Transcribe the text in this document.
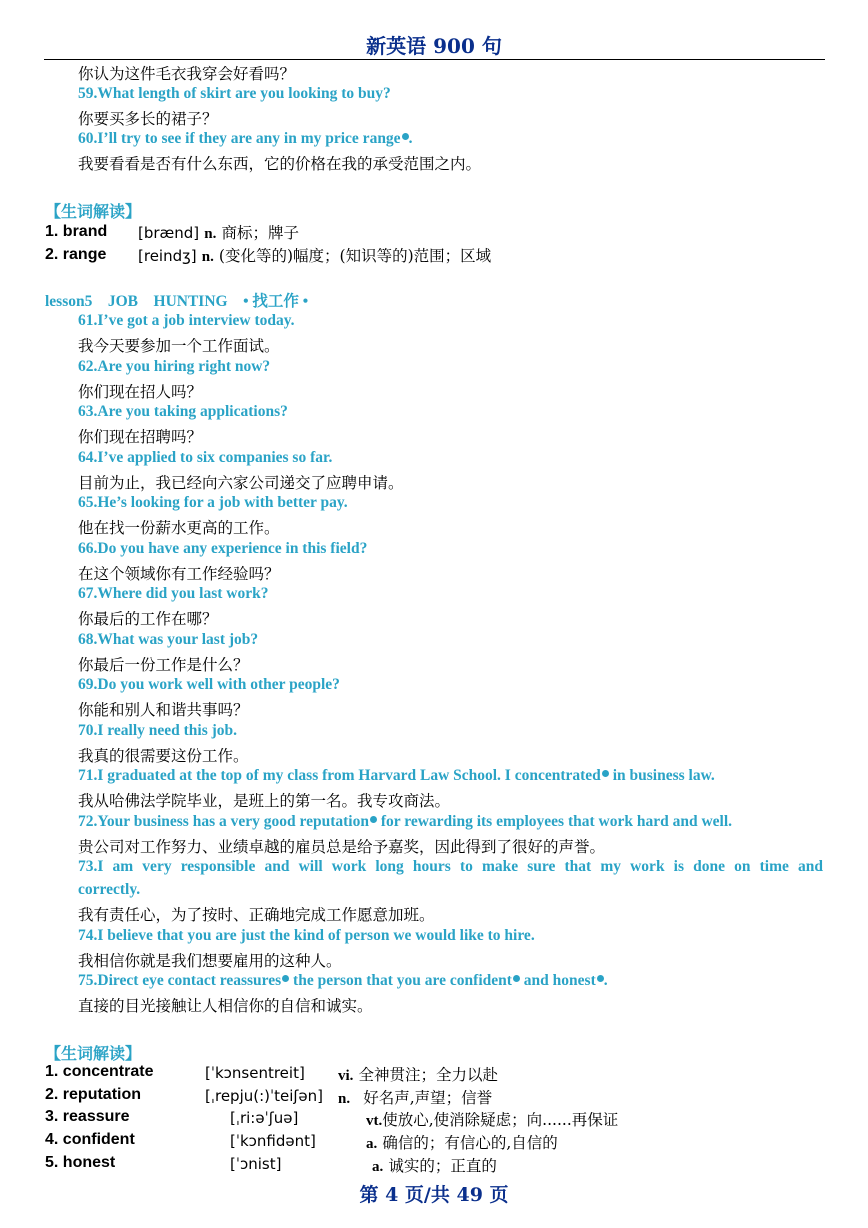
新英语 900 句
你认为这件毛衣我穿会好看吗？
59.What length of skirt are you looking to buy?
你要买多长的裙子？
60.I’ll try to see if they are any in my price range .
我要看看是否有什么东西，它的价格在我的承受范围之内。
【生词解读】
1. brand [brænd] n. 商标；牌子
2. range [reindʒ] n. (变化等的)幅度；(知识等的)范围；区域
lesson5    JOB    HUNTING    • 找工作 •
61.I’ve got a job interview today.
我今天要参加一个工作面试。
62.Are you hiring right now?
你们现在招人吗？
63.Are you taking applications?
你们现在招聘吗？
64.I’ve applied to six companies so far.
目前为止，我已经向六家公司递交了应聘申请。
65.He’s looking for a job with better pay.
他在找一份薪水更高的工作。
66.Do you have any experience in this field?
在这个领域你有工作经验吗？
67.Where did you last work?
你最后的工作在哪？
68.What was your last job?
你最后一份工作是什么？
69.Do you work well with other people?
你能和别人和谐共事吗？
70.I really need this job.
我真的很需要这份工作。
71.I graduated at the top of my class from Harvard Law School. I concentrated in business law.
我从哈佛法学院毕业，是班上的第一名。我专攻商法。
72.Your business has a very good reputation for rewarding its employees that work hard and well.
贵公司对工作努力、业绩卓越的雇员总是给予嘉奖，因此得到了很好的声誉。
73.I am very responsible and will work long hours to make sure that my work is done on time and
correctly.
我有责任心，为了按时、正确地完成工作愿意加班。
74.I believe that you are just the kind of person we would like to hire.
我相信你就是我们想要雇用的这种人。
75.Direct eye contact reassures the person that you are confident and honest .
直接的目光接触让人相信你的自信和诚实。
【生词解读】
1. concentrate	[ˈkɔnsentreit] vi. 全神贯注；全力以赴
2. reputation	[ˌrepju(:)ˈteiʃən] n. 好名声,声望；信誉
3. reassure	[ˌri:əˈʃuə]	vt.使放心,使消除疑虑；向......再保证
4. confident	[ˈkɔnfidənt]	a. 确信的；有信心的,自信的
5. honest	[ˈɔnist]	a. 诚实的；正直的
第 4 页/共 49 页
